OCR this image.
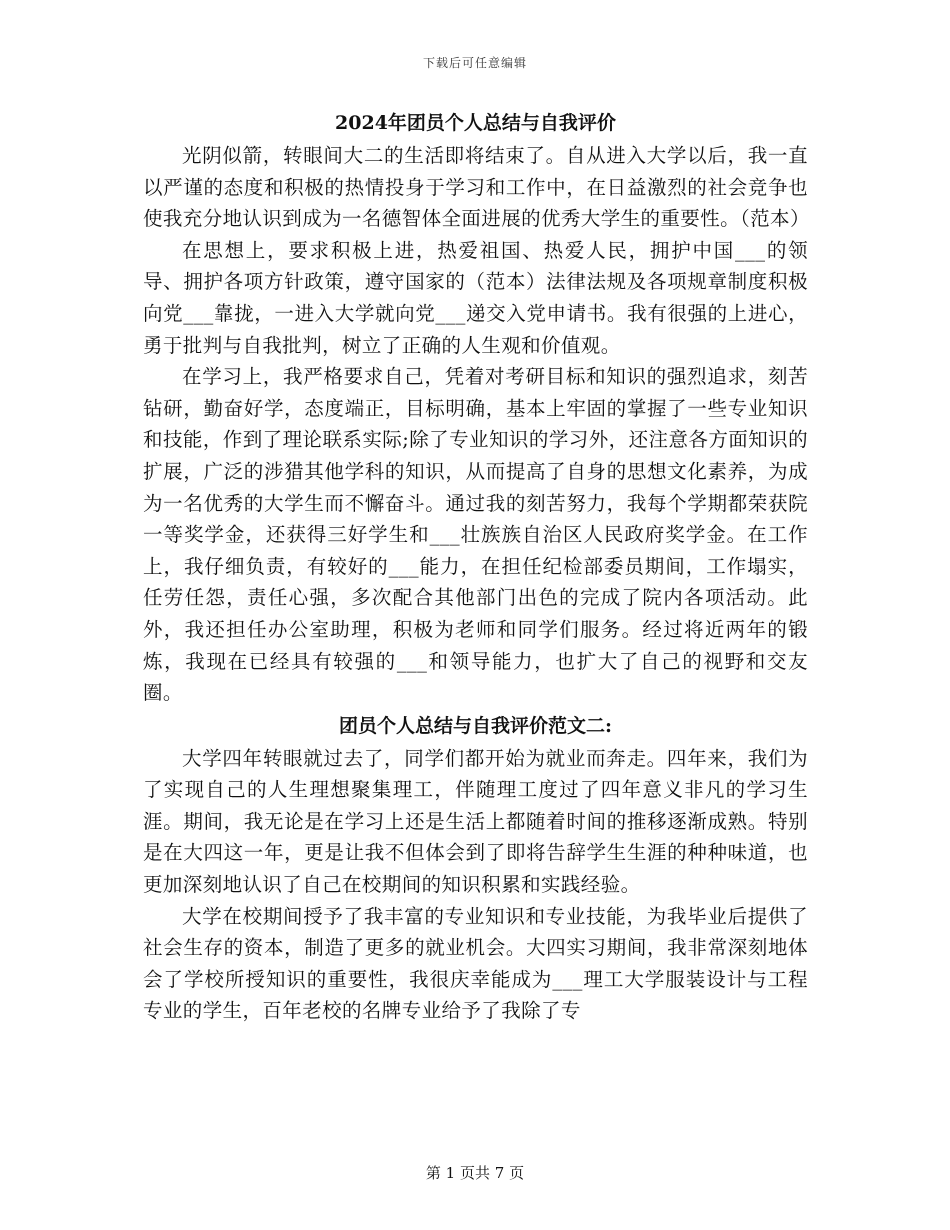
下载后可任意编辑
2024年团员个人总结与自我评价

光阴似箭，转眼间大二的生活即将结束了。自从进入大学以后，我一直以严谨的态度和积极的热情投身于学习和工作中，在日益激烈的社会竞争也使我充分地认识到成为一名德智体全面进展的优秀大学生的重要性。（范本）

在思想上，要求积极上进，热爱祖国、热爱人民，拥护中国___的领导、拥护各项方针政策，遵守国家的（范本）法律法规及各项规章制度积极向党___靠拢，一进入大学就向党___递交入党申请书。我有很强的上进心，勇于批判与自我批判，树立了正确的人生观和价值观。

在学习上，我严格要求自己，凭着对考研目标和知识的强烈追求，刻苦钻研，勤奋好学，态度端正，目标明确，基本上牢固的掌握了一些专业知识和技能，作到了理论联系实际;除了专业知识的学习外，还注意各方面知识的扩展，广泛的涉猎其他学科的知识，从而提高了自身的思想文化素养，为成为一名优秀的大学生而不懈奋斗。通过我的刻苦努力，我每个学期都荣获院一等奖学金，还获得三好学生和___壮族族自治区人民政府奖学金。在工作上，我仔细负责，有较好的___能力，在担任纪检部委员期间，工作塌实，任劳任怨，责任心强，多次配合其他部门出色的完成了院内各项活动。此外，我还担任办公室助理，积极为老师和同学们服务。经过将近两年的锻炼，我现在已经具有较强的___和领导能力，也扩大了自己的视野和交友圈。

团员个人总结与自我评价范文二:

大学四年转眼就过去了，同学们都开始为就业而奔走。四年来，我们为了实现自己的人生理想聚集理工，伴随理工度过了四年意义非凡的学习生涯。期间，我无论是在学习上还是生活上都随着时间的推移逐渐成熟。特别是在大四这一年，更是让我不但体会到了即将告辞学生生涯的种种味道，也更加深刻地认识了自己在校期间的知识积累和实践经验。

大学在校期间授予了我丰富的专业知识和专业技能，为我毕业后提供了社会生存的资本，制造了更多的就业机会。大四实习期间，我非常深刻地体会了学校所授知识的重要性，我很庆幸能成为___理工大学服装设计与工程专业的学生，百年老校的名牌专业给予了我除了专

第 1 页共 7 页
